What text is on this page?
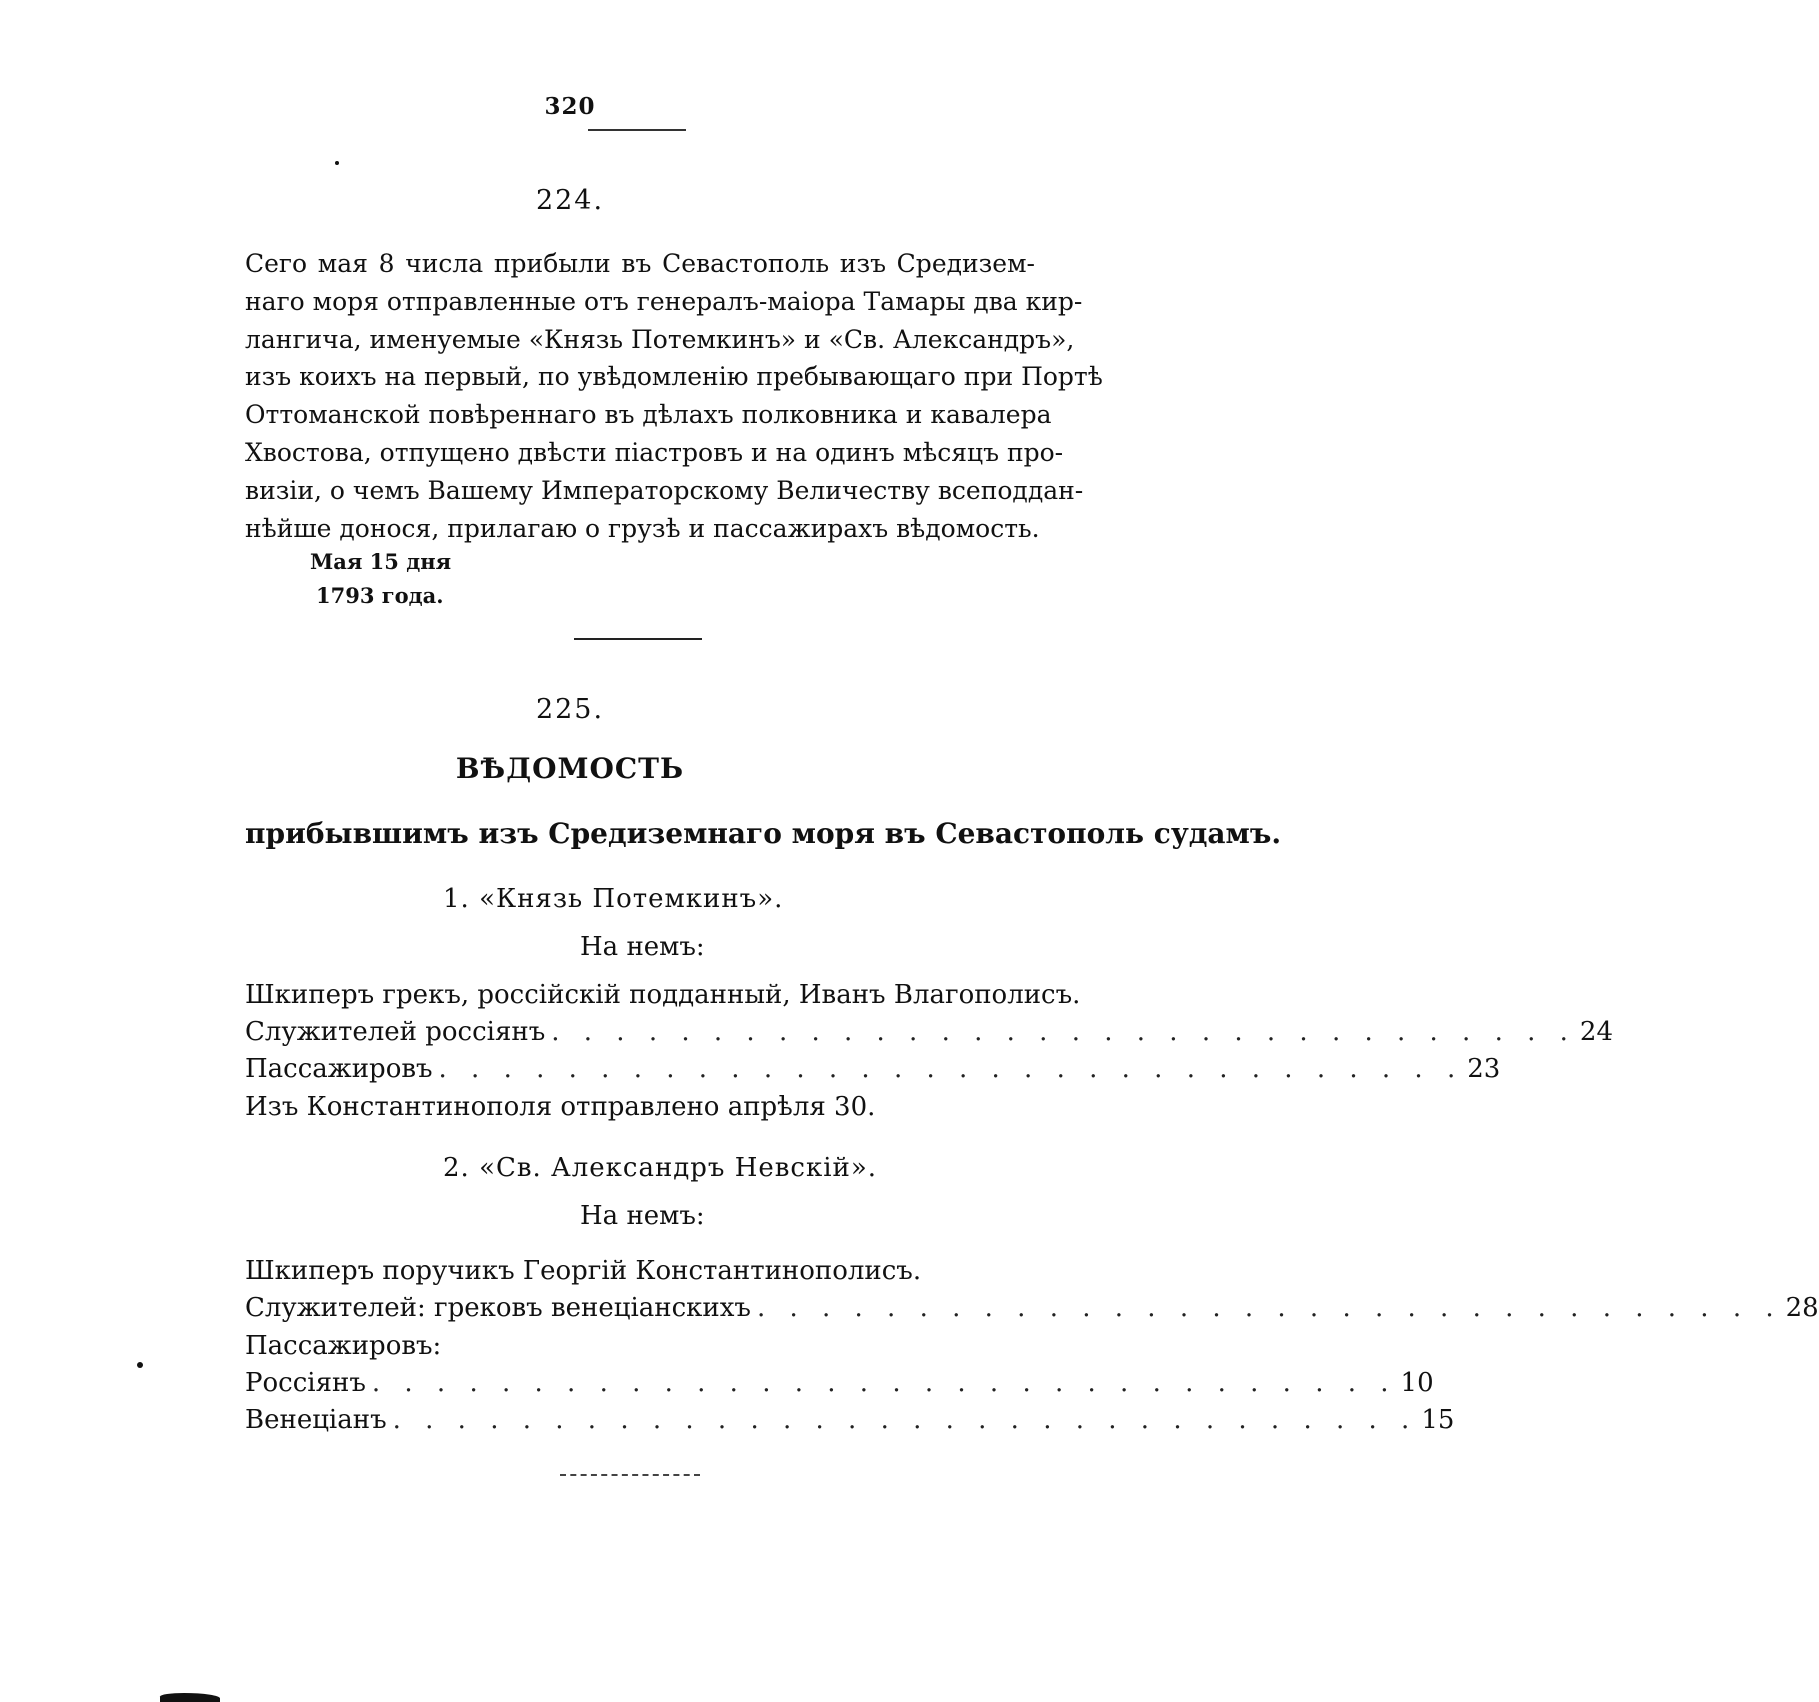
320
224.
Сего мая 8 числа прибыли въ Севастополь изъ Средизем-
наго моря отправленные отъ генералъ-маiора Тамары два кир-
лангича, именуемые «Князь Потемкинъ» и «Св. Александръ»,
изъ коихъ на первый, по увѣдомленiю пребывающаго при Портѣ
Оттоманской повѣреннаго въ дѣлахъ полковника и кавалера
Хвостова, отпущено двѣсти пiастровъ и на одинъ мѣсяцъ про-
визiи, о чемъ Вашему Императорскому Величеству всеподдан-
нѣйше донося, прилагаю о грузѣ и пассажирахъ вѣдомость.
Мая 15 дня
1793 года.
225.
ВѢДОМОСТЬ
прибывшимъ изъ Средиземнаго моря въ Севастополь судамъ.
1. «Князь Потемкинъ».
На немъ:
Шкиперъ грекъ, россiйскiй подданный, Иванъ Влагополисъ.
Служителей россiянъ . . . . . . . . . . . . . . . . . . . . . . . . . . . . . . . . 24
Пассажировъ . . . . . . . . . . . . . . . . . . . . . . . . . . . . . . . . 23
Изъ Константинополя отправлено апрѣля 30.
2. «Св. Александръ Невскiй».
На немъ:
Шкиперъ поручикъ Георгiй Константинополисъ.
Служителей: грековъ венецiанскихъ . . . . . . . . . . . . . . . . . . . . . . . . . . . . . . . . 28
Пассажировъ:
Россiянъ . . . . . . . . . . . . . . . . . . . . . . . . . . . . . . . . 10
Венецiанъ . . . . . . . . . . . . . . . . . . . . . . . . . . . . . . . . 15
